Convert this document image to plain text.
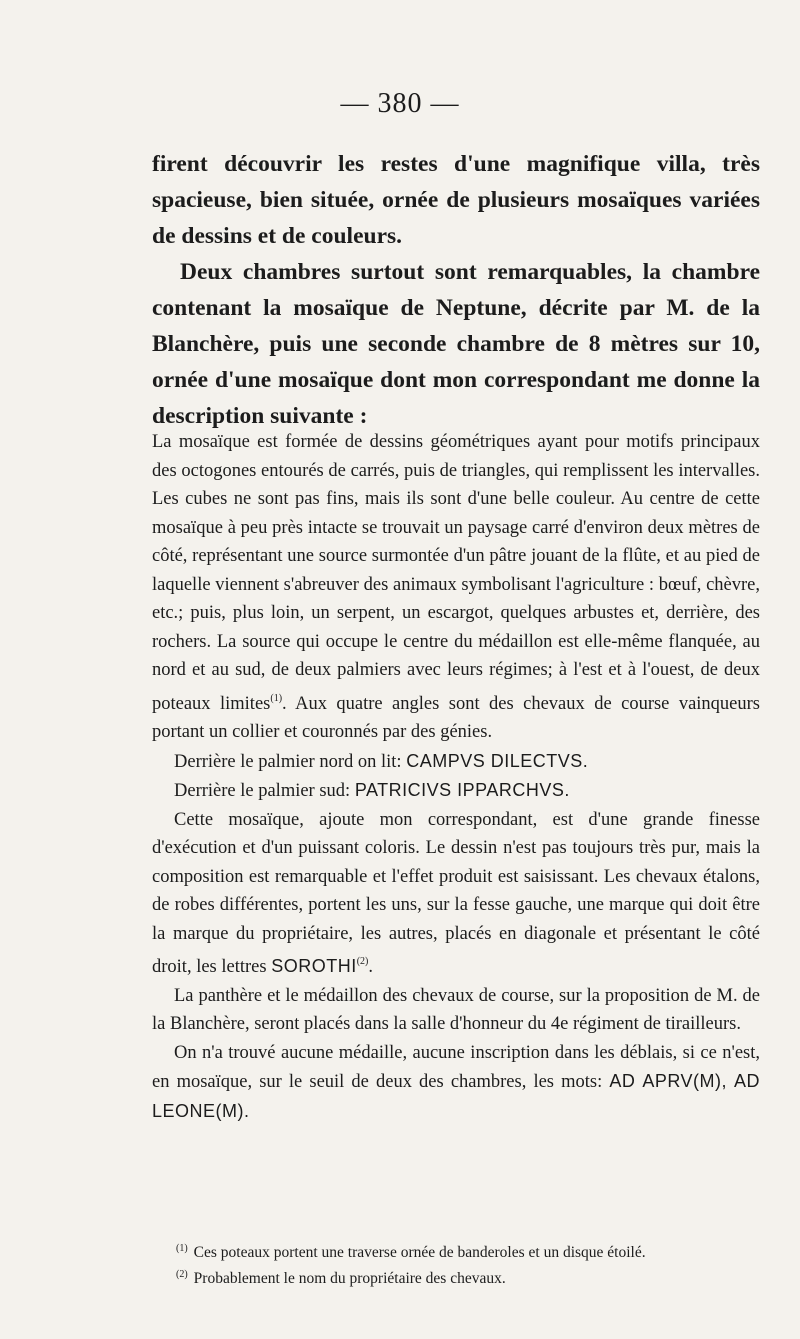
— 380 —

firent découvrir les restes d'une magnifique villa, très spacieuse, bien située, ornée de plusieurs mosaïques variées de dessins et de couleurs.

Deux chambres surtout sont remarquables, la chambre contenant la mosaïque de Neptune, décrite par M. de la Blanchère, puis une seconde chambre de 8 mètres sur 10, ornée d'une mosaïque dont mon correspondant me donne la description suivante :

La mosaïque est formée de dessins géométriques ayant pour motifs principaux des octogones entourés de carrés, puis de triangles, qui remplissent les intervalles. Les cubes ne sont pas fins, mais ils sont d'une belle couleur. Au centre de cette mosaïque à peu près intacte se trouvait un paysage carré d'environ deux mètres de côté, représentant une source surmontée d'un pâtre jouant de la flûte, et au pied de laquelle viennent s'abreuver des animaux symbolisant l'agriculture : bœuf, chèvre, etc.; puis, plus loin, un serpent, un escargot, quelques arbustes et, derrière, des rochers. La source qui occupe le centre du médaillon est elle-même flanquée, au nord et au sud, de deux palmiers avec leurs régimes; à l'est et à l'ouest, de deux poteaux limites$^{(1)}$. Aux quatre angles sont des chevaux de course vainqueurs portant un collier et couronnés par des génies.

Derrière le palmier nord on lit: CAMPVS DILECTVS.

Derrière le palmier sud: PATRICIVS IPPARCHVS.

Cette mosaïque, ajoute mon correspondant, est d'une grande finesse d'exécution et d'un puissant coloris. Le dessin n'est pas toujours très pur, mais la composition est remarquable et l'effet produit est saisissant. Les chevaux étalons, de robes différentes, portent les uns, sur la fesse gauche, une marque qui doit être la marque du propriétaire, les autres, placés en diagonale et présentant le côté droit, les lettres SOROTHI$^{(2)}$.

La panthère et le médaillon des chevaux de course, sur la proposition de M. de la Blanchère, seront placés dans la salle d'honneur du 4e régiment de tirailleurs.

On n'a trouvé aucune médaille, aucune inscription dans les déblais, si ce n'est, en mosaïque, sur le seuil de deux des chambres, les mots: AD APRV(M), AD LEONE(M).

$^{(1)}$ Ces poteaux portent une traverse ornée de banderoles et un disque étoilé.

$^{(2)}$ Probablement le nom du propriétaire des chevaux.
